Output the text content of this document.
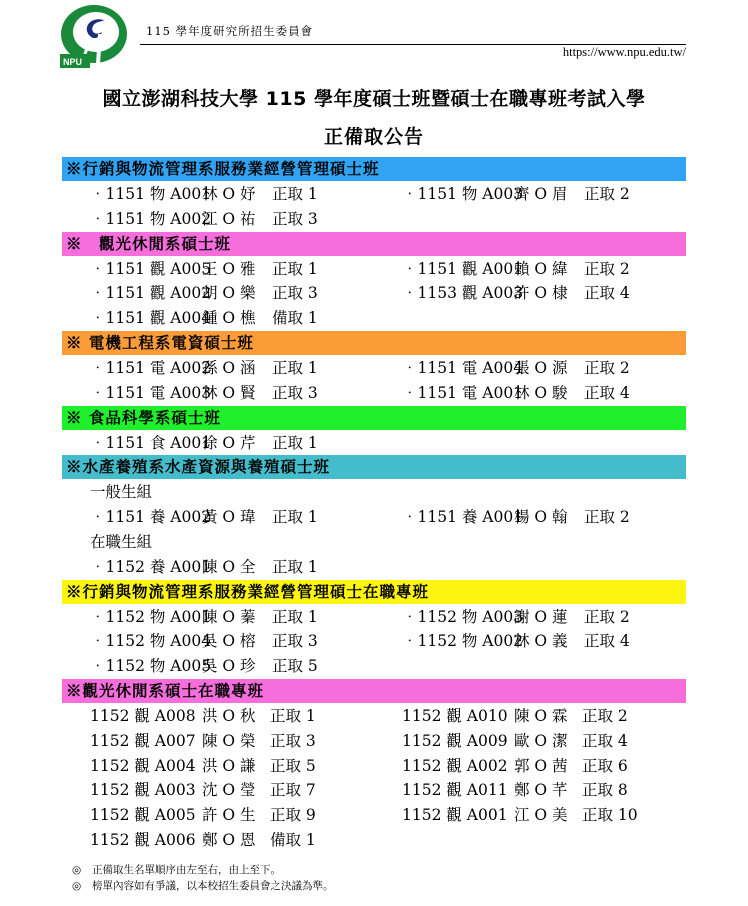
NPU
115 學年度研究所招生委員會
https://www.npu.edu.tw/
國立澎湖科技大學 115 學年度碩士班暨碩士在職專班考試入學
正備取公告
※行銷與物流管理系服務業經營管理碩士班
‧1151 物 A001林 O 妤 正取 1	‧1151 物 A003齊 O 眉 正取 2
‧1151 物 A002江 O 祐 正取 3
※　觀光休閒系碩士班
‧1151 觀 A005王 O 雅 正取 1	‧1151 觀 A001賴 O 緯 正取 2
‧1151 觀 A002胡 O 樂 正取 3	‧1153 觀 A003許 O 棣 正取 4
‧1151 觀 A004鍾 O 樵 備取 1
※ 電機工程系電資碩士班
‧1151 電 A002孫 O 涵 正取 1	‧1151 電 A004張 O 源 正取 2
‧1151 電 A003林 O 賢 正取 3	‧1151 電 A001林 O 駿 正取 4
※ 食品科學系碩士班
‧1151 食 A001徐 O 芹 正取 1
※水產養殖系水產資源與養殖碩士班
一般生組
‧1151 養 A002黃 O 瑋 正取 1	‧1151 養 A001楊 O 翰 正取 2
在職生組
‧1152 養 A001陳 O 全 正取 1
※行銷與物流管理系服務業經營管理碩士在職專班
‧1152 物 A001陳 O 蓁 正取 1	‧1152 物 A003謝 O 蓮 正取 2
‧1152 物 A004吳 O 榕 正取 3	‧1152 物 A002林 O 義 正取 4
‧1152 物 A005吳 O 珍 正取 5
※觀光休閒系碩士在職專班
1152 觀 A008 洪 O 秋 正取 1	1152 觀 A010 陳 O 霖 正取 2
1152 觀 A007 陳 O 榮 正取 3	1152 觀 A009 歐 O 潔 正取 4
1152 觀 A004 洪 O 謙 正取 5	1152 觀 A002 郭 O 茜 正取 6
1152 觀 A003 沈 O 瑩 正取 7	1152 觀 A011 鄭 O 芊 正取 8
1152 觀 A005 許 O 生 正取 9	1152 觀 A001 江 O 美 正取 10
1152 觀 A006 鄭 O 恩 備取 1
◎ 正備取生名單順序由左至右，由上至下。
◎ 榜單內容如有爭議，以本校招生委員會之決議為準。
